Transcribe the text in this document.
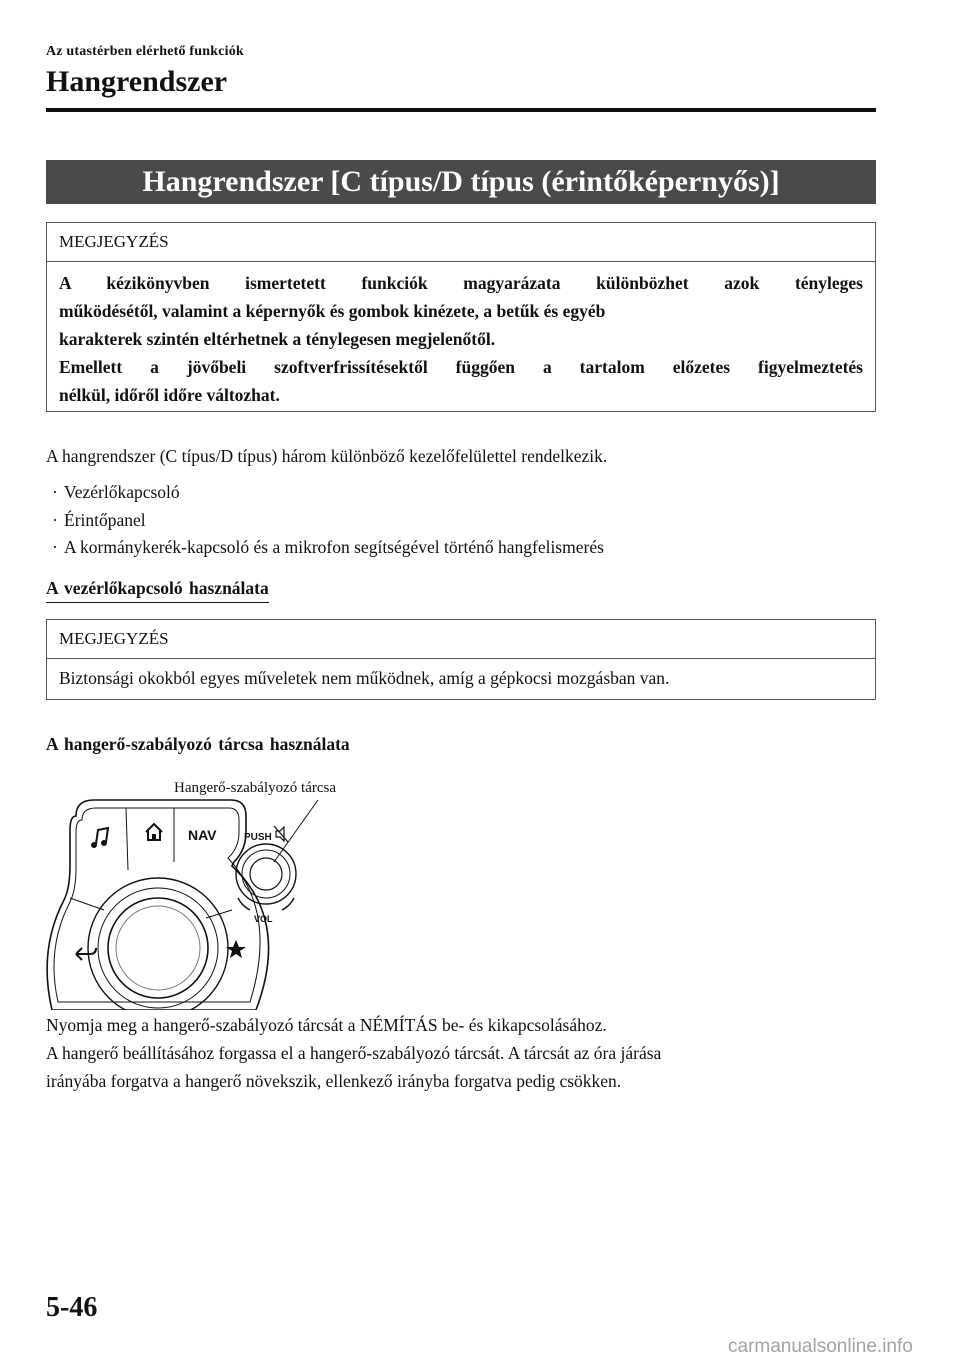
Az utastérben elérhető funkciók
Hangrendszer
Hangrendszer [C típus/D típus (érintőképernyős)]
MEGJEGYZÉS
A kézikönyvben ismertetett funkciók magyarázata különbözhet azok tényleges
működésétől, valamint a képernyők és gombok kinézete, a betűk és egyéb
karakterek szintén eltérhetnek a ténylegesen megjelenőtől.
Emellett a jövőbeli szoftverfrissítésektől függően a tartalom előzetes figyelmeztetés
nélkül, időről időre változhat.
A hangrendszer (C típus/D típus) három különböző kezelőfelülettel rendelkezik.
· Vezérlőkapcsoló
· Érintőpanel
· A kormánykerék-kapcsoló és a mikrofon segítségével történő hangfelismerés
A vezérlőkapcsoló használata
MEGJEGYZÉS
Biztonsági okokból egyes műveletek nem működnek, amíg a gépkocsi mozgásban van.
A hangerő-szabályozó tárcsa használata
Hangerő-szabályozó tárcsa
NAV	PUSH
VOL
Nyomja meg a hangerő-szabályozó tárcsát a NÉMÍTÁS be- és kikapcsolásához.
A hangerő beállításához forgassa el a hangerő-szabályozó tárcsát. A tárcsát az óra járása
irányába forgatva a hangerő növekszik, ellenkező irányba forgatva pedig csökken.
5-46
carmanualsonline.info
